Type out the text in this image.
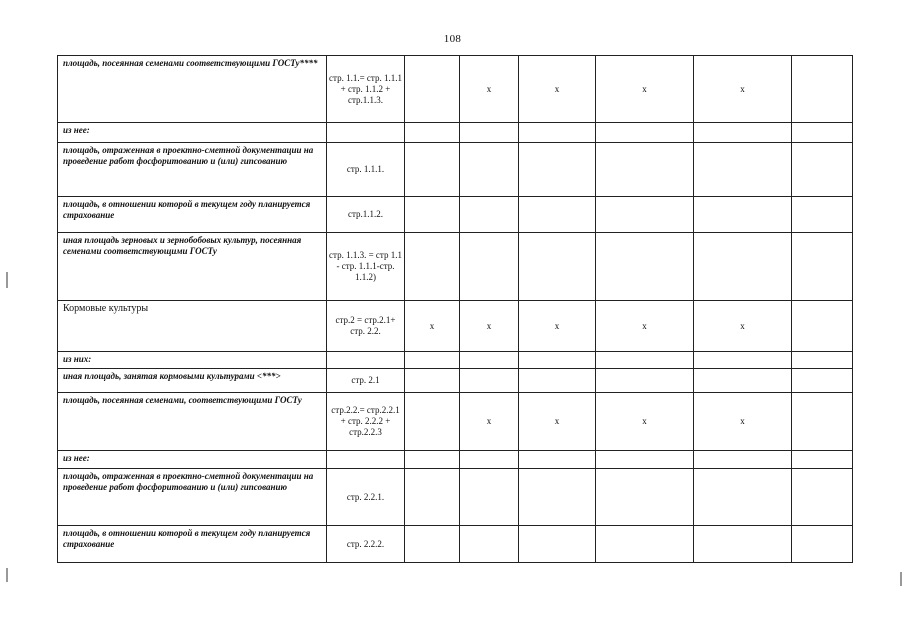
108
площадь, посеянная семенами соответствующими ГОСТу****	стр. 1.1.= стр. 1.1.1 + стр. 1.1.2 + стр.1.1.3.		x	x	x	x	
из нее:							
площадь, отраженная в проектно-сметной документации на проведение работ фосфоритованию и (или) гипсованию	стр. 1.1.1.						
площадь, в отношении которой в текущем году планируется страхование	стр.1.1.2.						
иная площадь зерновых и зернобобовых культур, посеянная семенами соответствующими ГОСТу	стр. 1.1.3. = стр 1.1 - стр. 1.1.1-стр. 1.1.2)						
Кормовые культуры	стр.2 = стр.2.1+ стр. 2.2.	x	x	x	x	x	
из них:							
иная площадь, занятая кормовыми культурами <***>	стр. 2.1						
площадь, посеянная семенами, соответствующими ГОСТу	стр.2.2.= стр.2.2.1 + стр. 2.2.2 + стр.2.2.3		x	x	x	x	
из нее:							
площадь, отраженная в проектно-сметной документации на проведение работ фосфоритованию и (или) гипсованию	стр. 2.2.1.						
площадь, в отношении которой в текущем году планируется страхование	стр. 2.2.2.						
